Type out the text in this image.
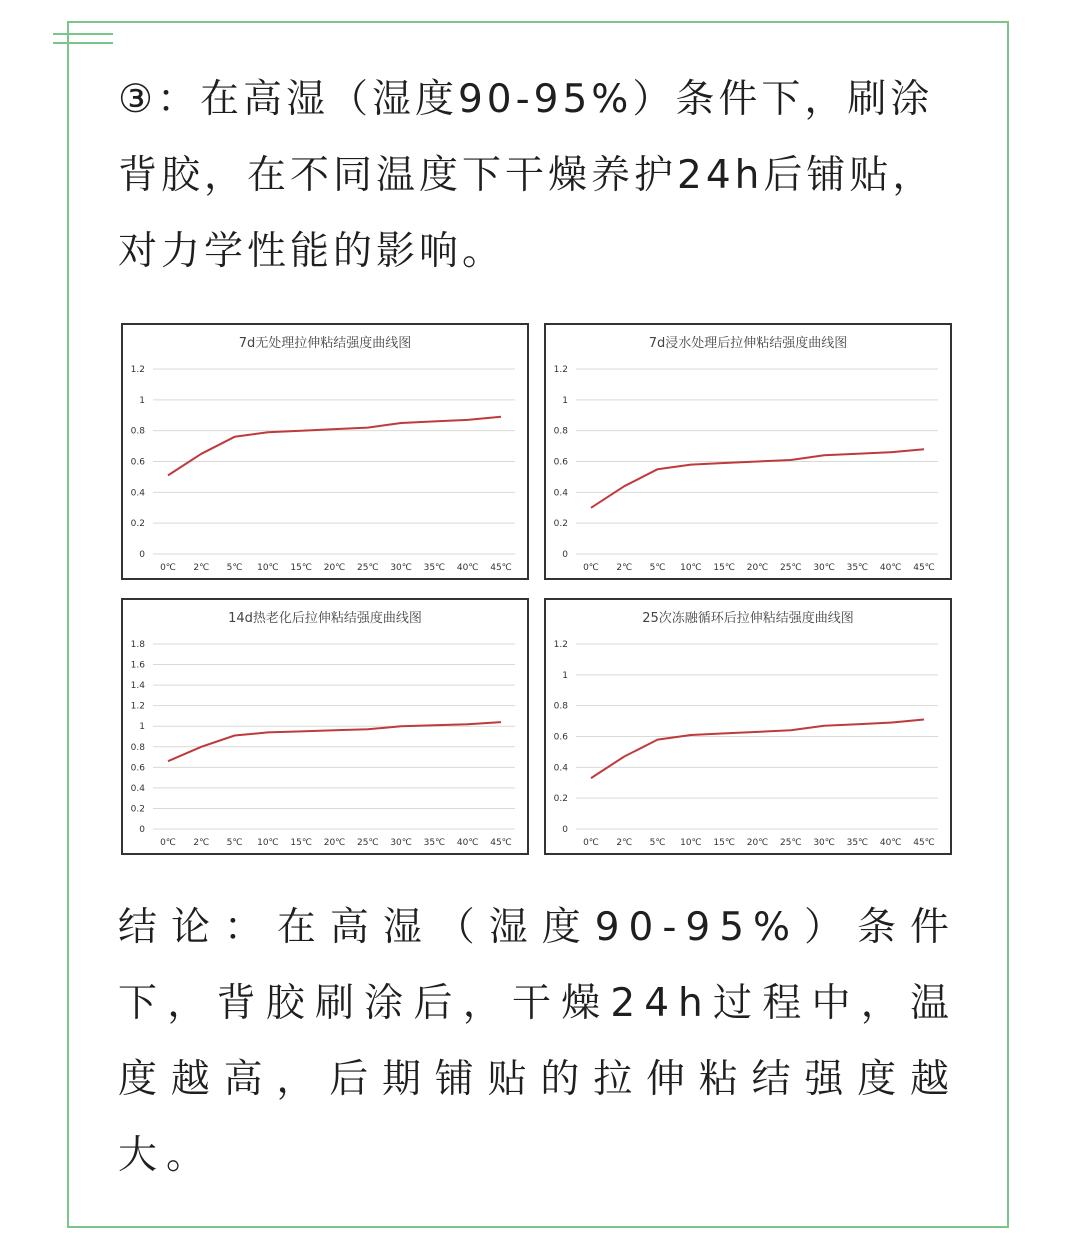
③：在高湿（湿度90-95%）条件下，刷涂背胶，在不同温度下干燥养护24h后铺贴，对力学性能的影响。

7d无处理拉伸粘结强度曲线图
0
0.2
0.4
0.6
0.8
1
1.2
0℃ 2℃ 5℃ 10℃ 15℃ 20℃ 25℃ 30℃ 35℃ 40℃ 45℃
7d浸水处理后拉伸粘结强度曲线图
0
0.2
0.4
0.6
0.8
1
1.2
0℃ 2℃ 5℃ 10℃ 15℃ 20℃ 25℃ 30℃ 35℃ 40℃ 45℃
14d热老化后拉伸粘结强度曲线图
0
0.2
0.4
0.6
0.8
1
1.2
1.4
1.6
1.8
0℃ 2℃ 5℃ 10℃ 15℃ 20℃ 25℃ 30℃ 35℃ 40℃ 45℃
25次冻融循环后拉伸粘结强度曲线图
0
0.2
0.4
0.6
0.8
1
1.2
0℃ 2℃ 5℃ 10℃ 15℃ 20℃ 25℃ 30℃ 35℃ 40℃ 45℃

结论：在高湿（湿度90-95%）条件下，背胶刷涂后，干燥24h过程中，温度越高，后期铺贴的拉伸粘结强度越大。
